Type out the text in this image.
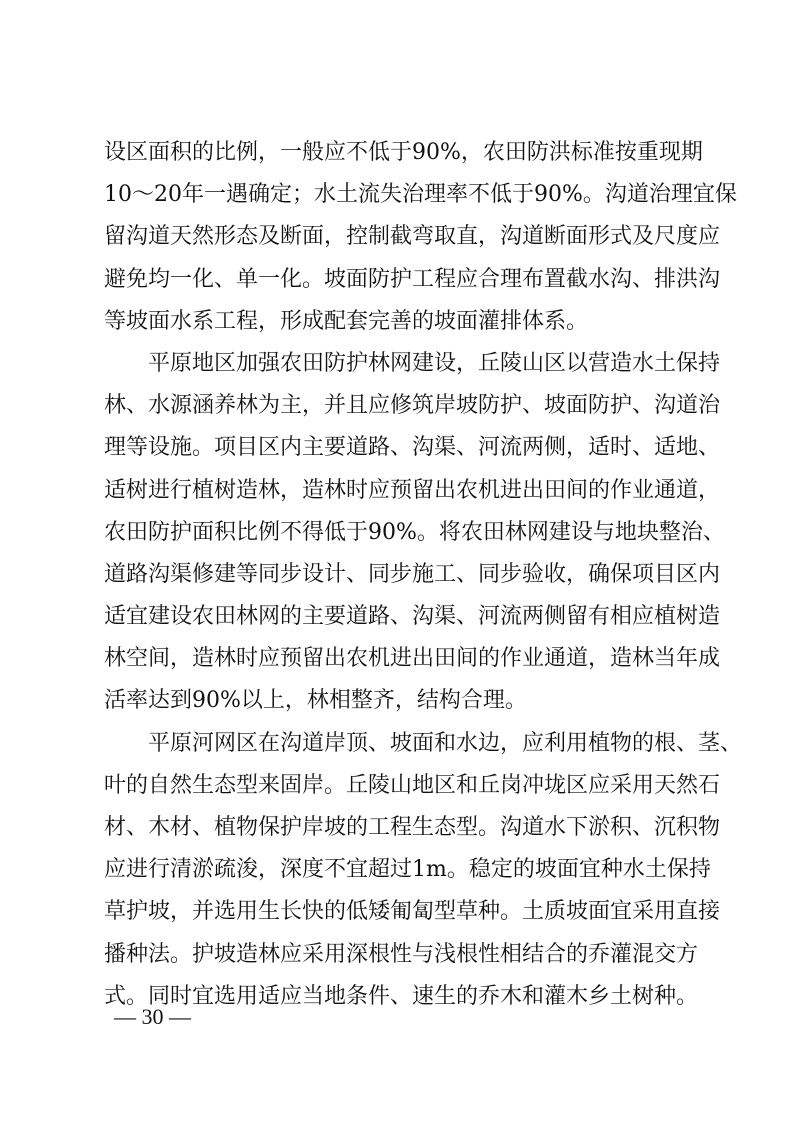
设区面积的比例，一般应不低于90%，农田防洪标准按重现期
10～20年一遇确定；水土流失治理率不低于90%。沟道治理宜保
留沟道天然形态及断面，控制截弯取直，沟道断面形式及尺度应
避免均一化、单一化。坡面防护工程应合理布置截水沟、排洪沟
等坡面水系工程，形成配套完善的坡面灌排体系。
平原地区加强农田防护林网建设，丘陵山区以营造水土保持
林、水源涵养林为主，并且应修筑岸坡防护、坡面防护、沟道治
理等设施。项目区内主要道路、沟渠、河流两侧，适时、适地、
适树进行植树造林，造林时应预留出农机进出田间的作业通道，
农田防护面积比例不得低于90%。将农田林网建设与地块整治、
道路沟渠修建等同步设计、同步施工、同步验收，确保项目区内
适宜建设农田林网的主要道路、沟渠、河流两侧留有相应植树造
林空间，造林时应预留出农机进出田间的作业通道，造林当年成
活率达到90%以上，林相整齐，结构合理。
平原河网区在沟道岸顶、坡面和水边，应利用植物的根、茎、
叶的自然生态型来固岸。丘陵山地区和丘岗冲垅区应采用天然石
材、木材、植物保护岸坡的工程生态型。沟道水下淤积、沉积物
应进行清淤疏浚，深度不宜超过1m。稳定的坡面宜种水土保持
草护坡，并选用生长快的低矮匍匐型草种。土质坡面宜采用直接
播种法。护坡造林应采用深根性与浅根性相结合的乔灌混交方
式。同时宜选用适应当地条件、速生的乔木和灌木乡土树种。
— 30 —
